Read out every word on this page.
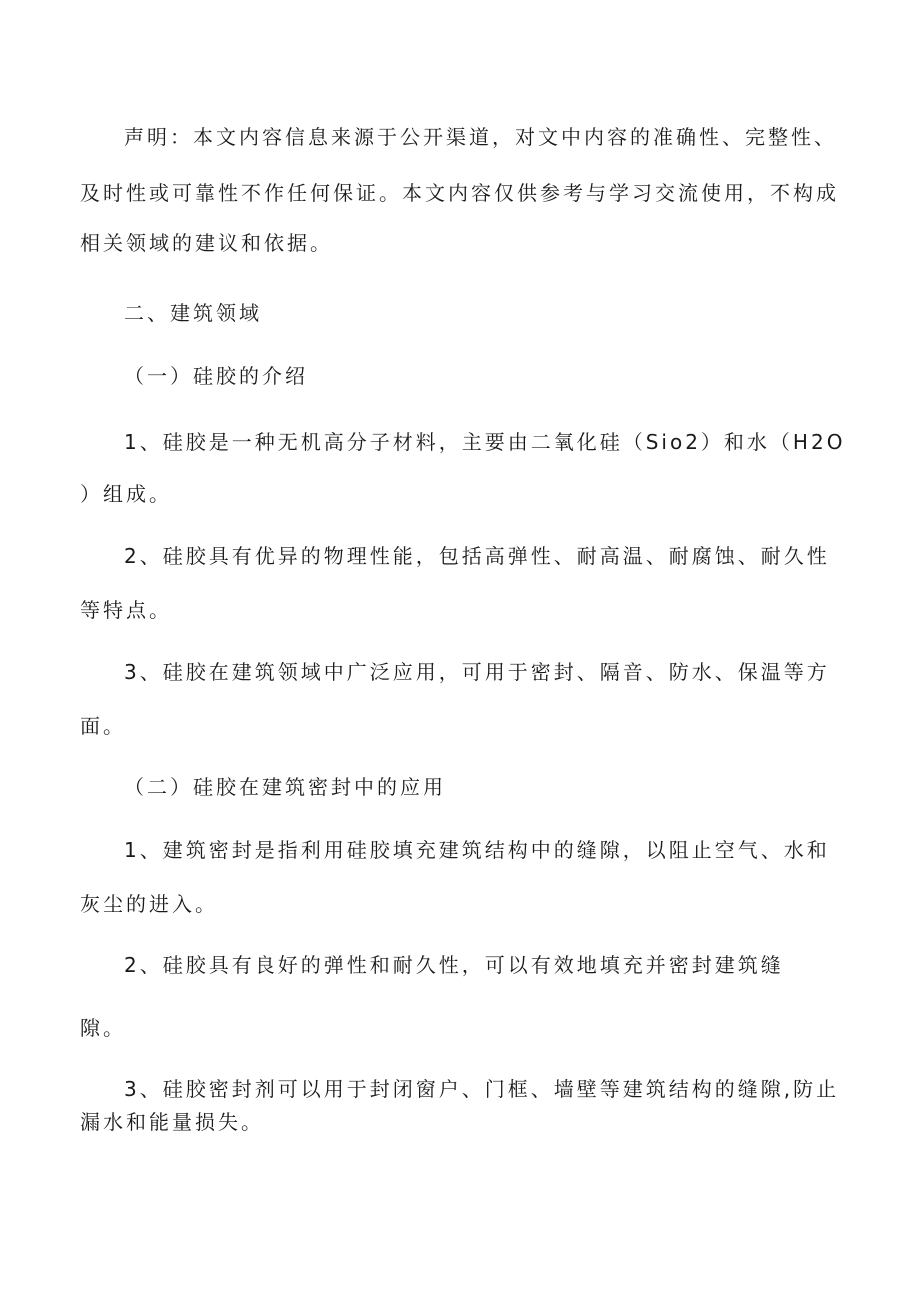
声明：本文内容信息来源于公开渠道，对文中内容的准确性、完整性、
及时性或可靠性不作任何保证。本文内容仅供参考与学习交流使用，不构成
相关领域的建议和依据。
二、建筑领域
（一）硅胶的介绍
1、硅胶是一种无机高分子材料，主要由二氧化硅（Sio2）和水（H2O
）组成。
2、硅胶具有优异的物理性能，包括高弹性、耐高温、耐腐蚀、耐久性
等特点。
3、硅胶在建筑领域中广泛应用，可用于密封、隔音、防水、保温等方
面。
（二）硅胶在建筑密封中的应用
1、建筑密封是指利用硅胶填充建筑结构中的缝隙，以阻止空气、水和
灰尘的进入。
2、硅胶具有良好的弹性和耐久性，可以有效地填充并密封建筑缝
隙。
3、硅胶密封剂可以用于封闭窗户、门框、墙壁等建筑结构的缝隙,防止
漏水和能量损失。
